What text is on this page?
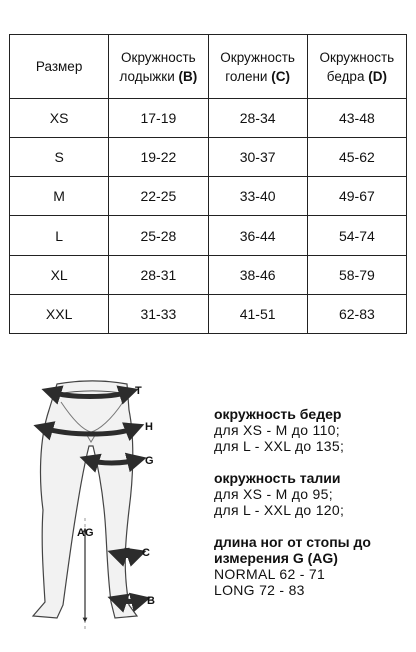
Размер	Окружность лодыжки (B)	Окружность голени (C)	Окружность бедра (D)
XS	17-19	28-34	43-48
S	19-22	30-37	45-62
M	22-25	33-40	49-67
L	25-28	36-44	54-74
XL	28-31	38-46	58-79
XXL	31-33	41-51	62-83
T
H
G
AG
C
B
окружность бедер
для XS - M до 110;
для L - XXL до 135;
окружность талии
для XS - M до 95;
для L - XXL до 120;
длина ног от стопы до измерения G (AG)
NORMAL 62 - 71
LONG 72 - 83
